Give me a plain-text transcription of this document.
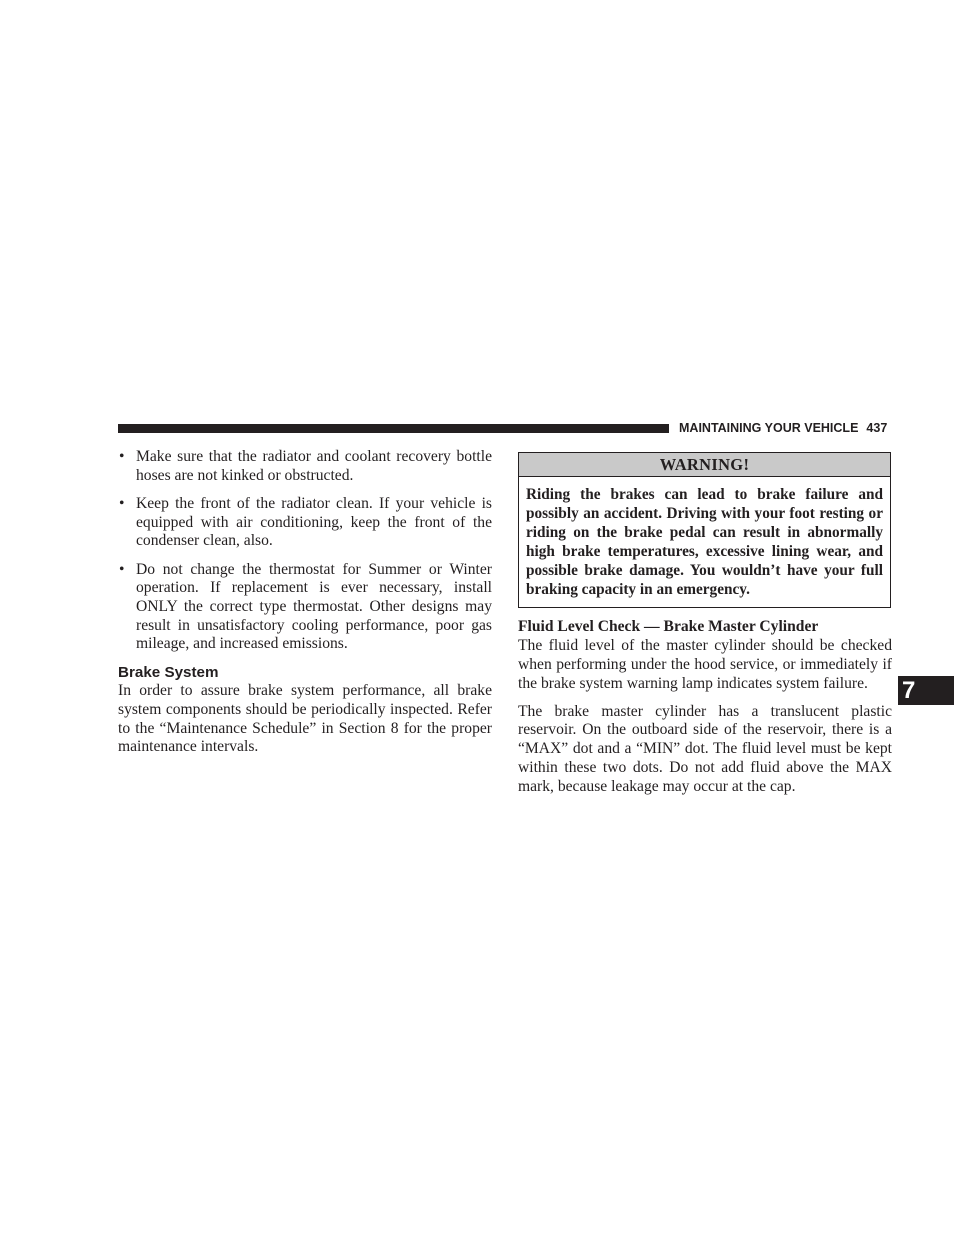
MAINTAINING YOUR VEHICLE 437
• Make sure that the radiator and coolant recovery bottle hoses are not kinked or obstructed.
• Keep the front of the radiator clean. If your vehicle is equipped with air conditioning, keep the front of the condenser clean, also.
• Do not change the thermostat for Summer or Winter operation. If replacement is ever necessary, install ONLY the correct type thermostat. Other designs may result in unsatisfactory cooling performance, poor gas mileage, and increased emissions.
Brake System

In order to assure brake system performance, all brake system components should be periodically inspected. Refer to the “Maintenance Schedule” in Section 8 for the proper maintenance intervals.

WARNING!
Riding the brakes can lead to brake failure and possibly an accident. Driving with your foot resting or riding on the brake pedal can result in abnormally high brake temperatures, excessive lining wear, and possible brake damage. You wouldn’t have your full braking capacity in an emergency.
Fluid Level Check — Brake Master Cylinder

The fluid level of the master cylinder should be checked when performing under the hood service, or immediately if the brake system warning lamp indicates system failure.

The brake master cylinder has a translucent plastic reservoir. On the outboard side of the reservoir, there is a “MAX” dot and a “MIN” dot. The fluid level must be kept within these two dots. Do not add fluid above the MAX mark, because leakage may occur at the cap.

7
